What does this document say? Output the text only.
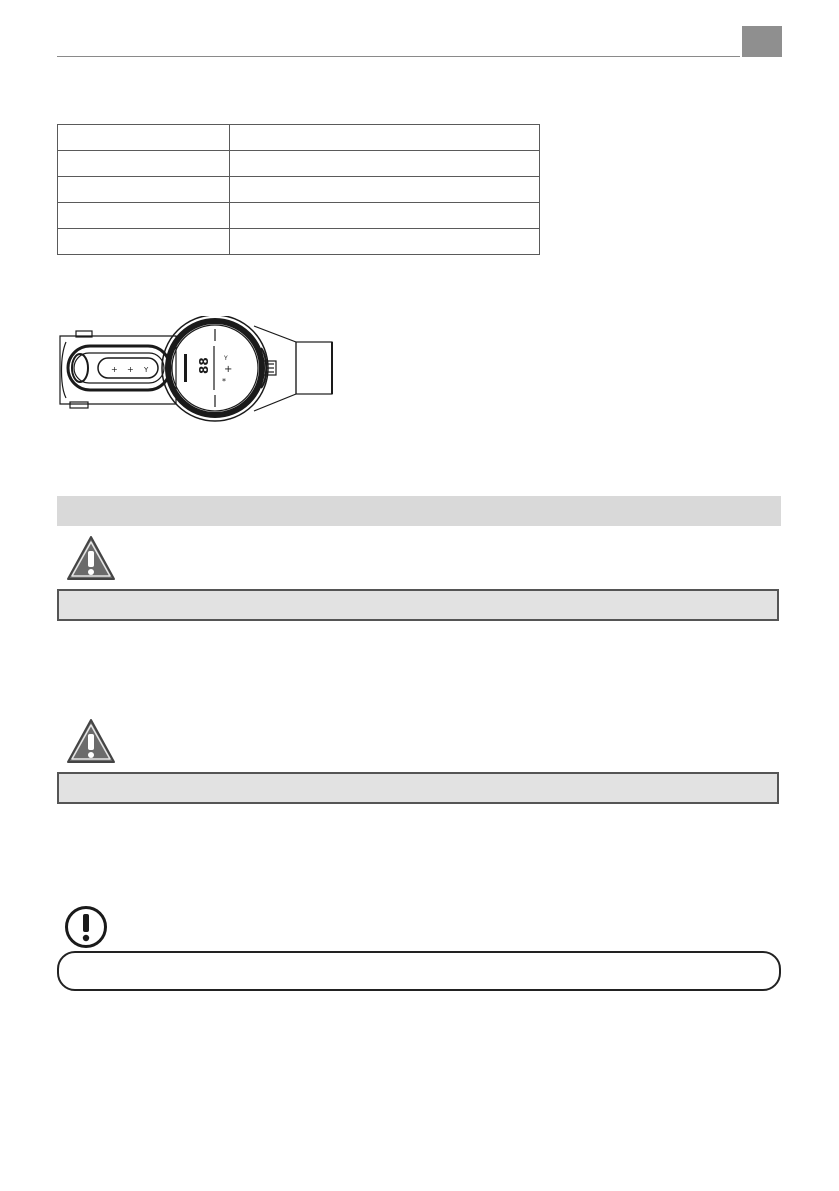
+ + Y	88 +
Y
*
